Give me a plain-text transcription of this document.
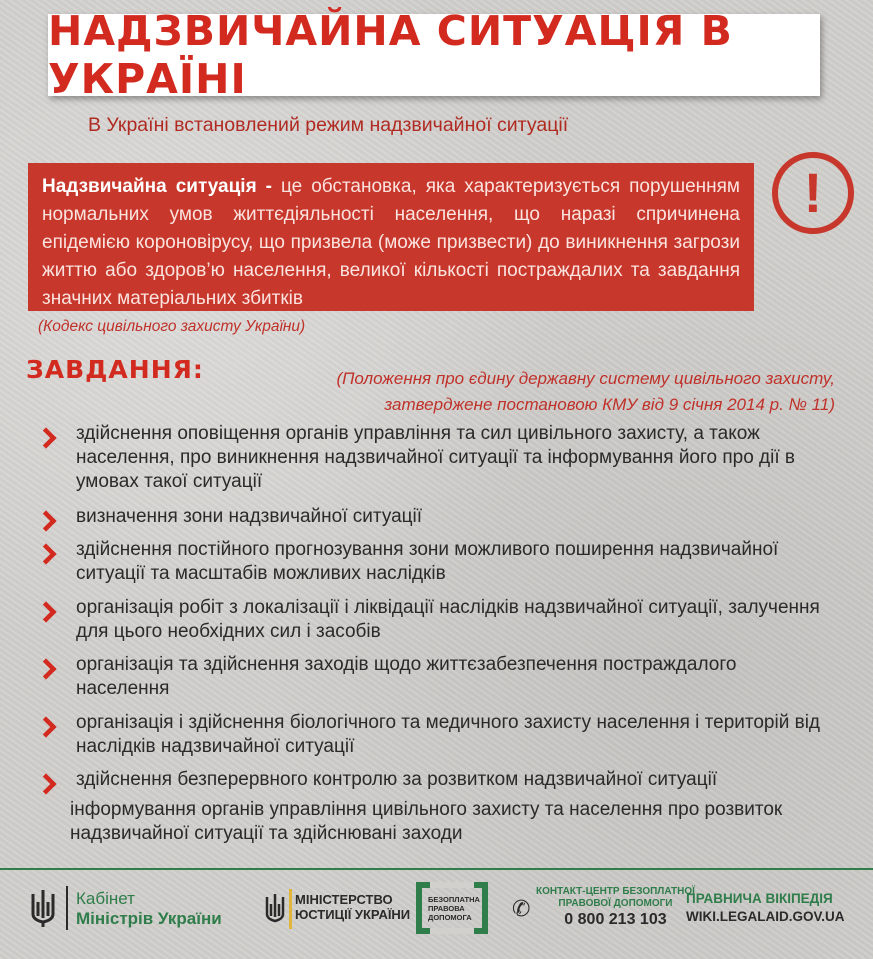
НАДЗВИЧАЙНА СИТУАЦІЯ В УКРАЇНІ
В Україні встановлений режим надзвичайної ситуації
Надзвичайна ситуація - це обстановка, яка характеризується порушенням нормальних умов життєдіяльності населення, що наразі спричинена епідемією короновірусу, що призвела (може призвести) до виникнення загрози життю або здоров’ю населення, великої кількості постраждалих та завдання значних матеріальних збитків
!
(Кодекс цивільного захисту України)
ЗАВДАННЯ:	(Положення про єдину державну систему цивільного захисту,
затверджене постановою КМУ від 9 січня 2014 р. № 11)
здійснення оповіщення органів управління та сил цивільного захисту, а також населення, про виникнення надзвичайної ситуації та інформування його про дії в умовах такої ситуації
визначення зони надзвичайної ситуації
здійснення постійного прогнозування зони можливого поширення надзвичайної ситуації та масштабів можливих наслідків
організація робіт з локалізації і ліквідації наслідків надзвичайної ситуації, залучення для цього необхідних сил і засобів
організація та здійснення заходів щодо життєзабезпечення постраждалого населення
організація і здійснення біологічного та медичного захисту населення і територій від наслідків надзвичайної ситуації
здійснення безперервного контролю за розвитком надзвичайної ситуації
інформування органів управління цивільного захисту та населення про розвиток надзвичайної ситуації та здійснювані заходи
Кабінет
Міністрів України
МІНІСТЕРСТВО
ЮСТИЦІЇ УКРАЇНИ
БЕЗОПЛАТНА
ПРАВОВА
ДОПОМОГА	✆
КОНТАКТ-ЦЕНТР БЕЗОПЛАТНОЇ
ПРАВОВОЇ ДОПОМОГИ
0 800 213 103
ПРАВНИЧА ВІКІПЕДІЯ
WIKI.LEGALAID.GOV.UA
